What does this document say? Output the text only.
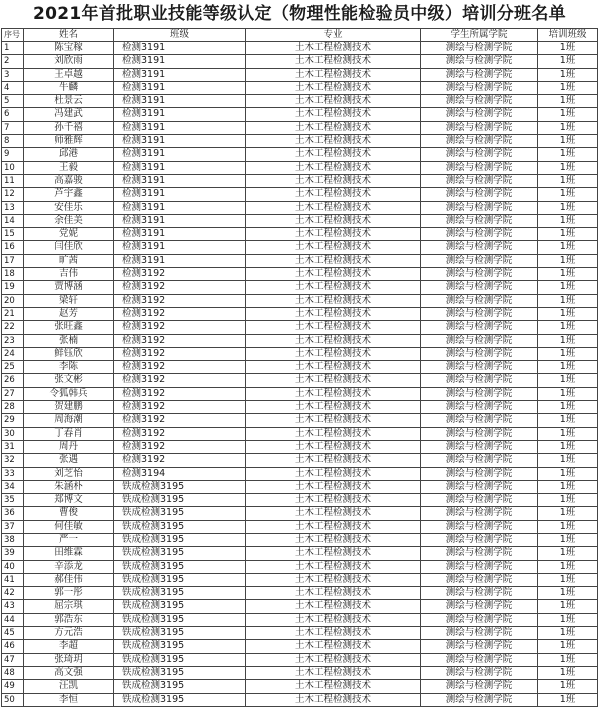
2021年首批职业技能等级认定（物理性能检验员中级）培训分班名单
序号	姓名	班级	专业	学生所属学院	培训班级
1	陈宝稼	检测3191	土木工程检测技术	测绘与检测学院	1班
2	刘欣雨	检测3191	土木工程检测技术	测绘与检测学院	1班
3	王卓越	检测3191	土木工程检测技术	测绘与检测学院	1班
4	牛麟	检测3191	土木工程检测技术	测绘与检测学院	1班
5	杜景云	检测3191	土木工程检测技术	测绘与检测学院	1班
6	冯建武	检测3191	土木工程检测技术	测绘与检测学院	1班
7	孙千禧	检测3191	土木工程检测技术	测绘与检测学院	1班
8	师雅辉	检测3191	土木工程检测技术	测绘与检测学院	1班
9	邱港	检测3191	土木工程检测技术	测绘与检测学院	1班
10	王毅	检测3191	土木工程检测技术	测绘与检测学院	1班
11	高嘉骏	检测3191	土木工程检测技术	测绘与检测学院	1班
12	芦宇鑫	检测3191	土木工程检测技术	测绘与检测学院	1班
13	安佳乐	检测3191	土木工程检测技术	测绘与检测学院	1班
14	余佳美	检测3191	土木工程检测技术	测绘与检测学院	1班
15	党妮	检测3191	土木工程检测技术	测绘与检测学院	1班
16	闫佳欣	检测3191	土木工程检测技术	测绘与检测学院	1班
17	旷茜	检测3191	土木工程检测技术	测绘与检测学院	1班
18	吉伟	检测3192	土木工程检测技术	测绘与检测学院	1班
19	贾博涵	检测3192	土木工程检测技术	测绘与检测学院	1班
20	梁轩	检测3192	土木工程检测技术	测绘与检测学院	1班
21	赵芳	检测3192	土木工程检测技术	测绘与检测学院	1班
22	张旺鑫	检测3192	土木工程检测技术	测绘与检测学院	1班
23	张楠	检测3192	土木工程检测技术	测绘与检测学院	1班
24	鲜钰欣	检测3192	土木工程检测技术	测绘与检测学院	1班
25	李陈	检测3192	土木工程检测技术	测绘与检测学院	1班
26	张文彬	检测3192	土木工程检测技术	测绘与检测学院	1班
27	令狐韩兵	检测3192	土木工程检测技术	测绘与检测学院	1班
28	贺建鹏	检测3192	土木工程检测技术	测绘与检测学院	1班
29	周海潮	检测3192	土木工程检测技术	测绘与检测学院	1班
30	丁春肖	检测3192	土木工程检测技术	测绘与检测学院	1班
31	周丹	检测3192	土木工程检测技术	测绘与检测学院	1班
32	张遇	检测3192	土木工程检测技术	测绘与检测学院	1班
33	刘芝怡	检测3194	土木工程检测技术	测绘与检测学院	1班
34	朱涵朴	铁成检测3195	土木工程检测技术	测绘与检测学院	1班
35	郑博文	铁成检测3195	土木工程检测技术	测绘与检测学院	1班
36	曹俊	铁成检测3195	土木工程检测技术	测绘与检测学院	1班
37	何佳敏	铁成检测3195	土木工程检测技术	测绘与检测学院	1班
38	严一	铁成检测3195	土木工程检测技术	测绘与检测学院	1班
39	田维霖	铁成检测3195	土木工程检测技术	测绘与检测学院	1班
40	辛添龙	铁成检测3195	土木工程检测技术	测绘与检测学院	1班
41	郝佳伟	铁成检测3195	土木工程检测技术	测绘与检测学院	1班
42	郭一彤	铁成检测3195	土木工程检测技术	测绘与检测学院	1班
43	屈宗琪	铁成检测3195	土木工程检测技术	测绘与检测学院	1班
44	郭浩东	铁成检测3195	土木工程检测技术	测绘与检测学院	1班
45	方元浩	铁成检测3195	土木工程检测技术	测绘与检测学院	1班
46	李超	铁成检测3195	土木工程检测技术	测绘与检测学院	1班
47	张琦玥	铁成检测3195	土木工程检测技术	测绘与检测学院	1班
48	高文强	铁成检测3195	土木工程检测技术	测绘与检测学院	1班
49	汪凯	铁成检测3195	土木工程检测技术	测绘与检测学院	1班
50	李恒	铁成检测3195	土木工程检测技术	测绘与检测学院	1班
